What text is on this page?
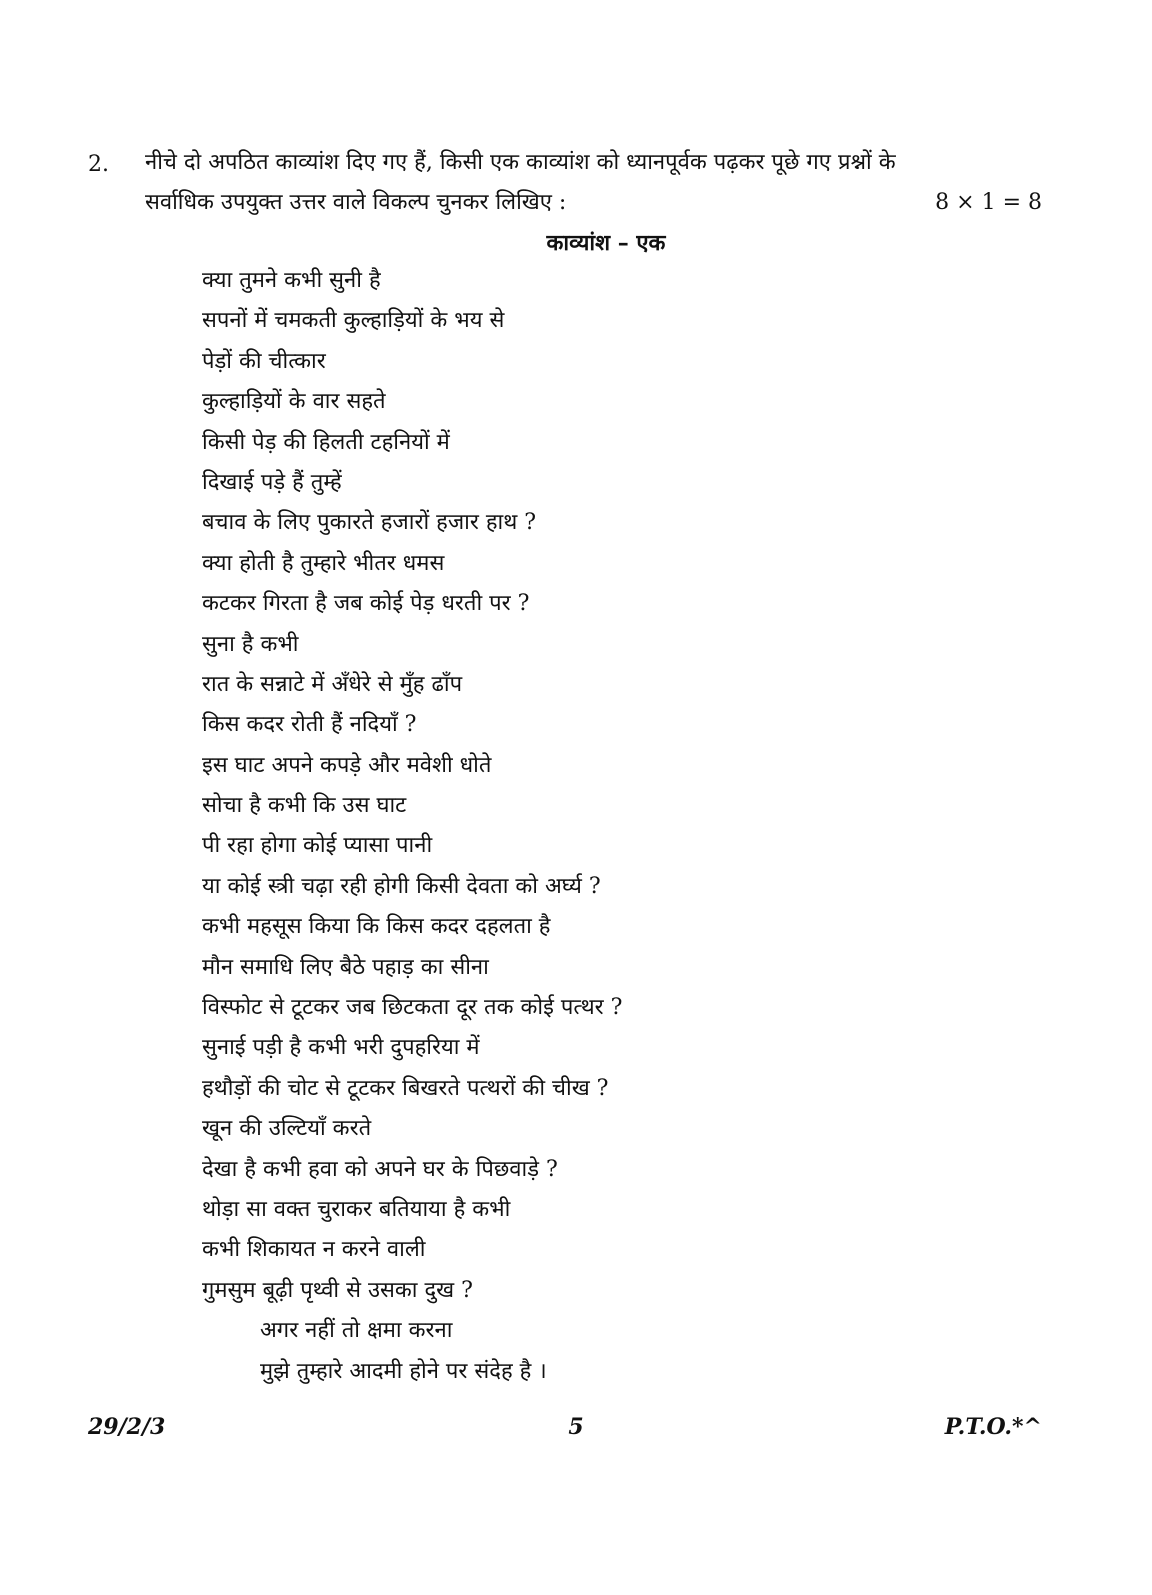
2. नीचे दो अपठित काव्यांश दिए गए हैं, किसी एक काव्यांश को ध्यानपूर्वक पढ़कर पूछे गए प्रश्नों के
सर्वाधिक उपयुक्त उत्तर वाले विकल्प चुनकर लिखिए :	8 × 1 = 8
काव्यांश – एक
क्या तुमने कभी सुनी है
सपनों में चमकती कुल्हाड़ियों के भय से
पेड़ों की चीत्कार
कुल्हाड़ियों के वार सहते
किसी पेड़ की हिलती टहनियों में
दिखाई पड़े हैं तुम्हें
बचाव के लिए पुकारते हजारों हजार हाथ ?
क्या होती है तुम्हारे भीतर धमस
कटकर गिरता है जब कोई पेड़ धरती पर ?
सुना है कभी
रात के सन्नाटे में अँधेरे से मुँह ढाँप
किस कदर रोती हैं नदियाँ ?
इस घाट अपने कपड़े और मवेशी धोते
सोचा है कभी कि उस घाट
पी रहा होगा कोई प्यासा पानी
या कोई स्त्री चढ़ा रही होगी किसी देवता को अर्घ्य ?
कभी महसूस किया कि किस कदर दहलता है
मौन समाधि लिए बैठे पहाड़ का सीना
विस्फोट से टूटकर जब छिटकता दूर तक कोई पत्थर ?
सुनाई पड़ी है कभी भरी दुपहरिया में
हथौड़ों की चोट से टूटकर बिखरते पत्थरों की चीख ?
खून की उल्टियाँ करते
देखा है कभी हवा को अपने घर के पिछवाड़े ?
थोड़ा सा वक्त चुराकर बतियाया है कभी
कभी शिकायत न करने वाली
गुमसुम बूढ़ी पृथ्वी से उसका दुख ?
अगर नहीं तो क्षमा करना
मुझे तुम्हारे आदमी होने पर संदेह है ।
29/2/3	5	P.T.O.*^
